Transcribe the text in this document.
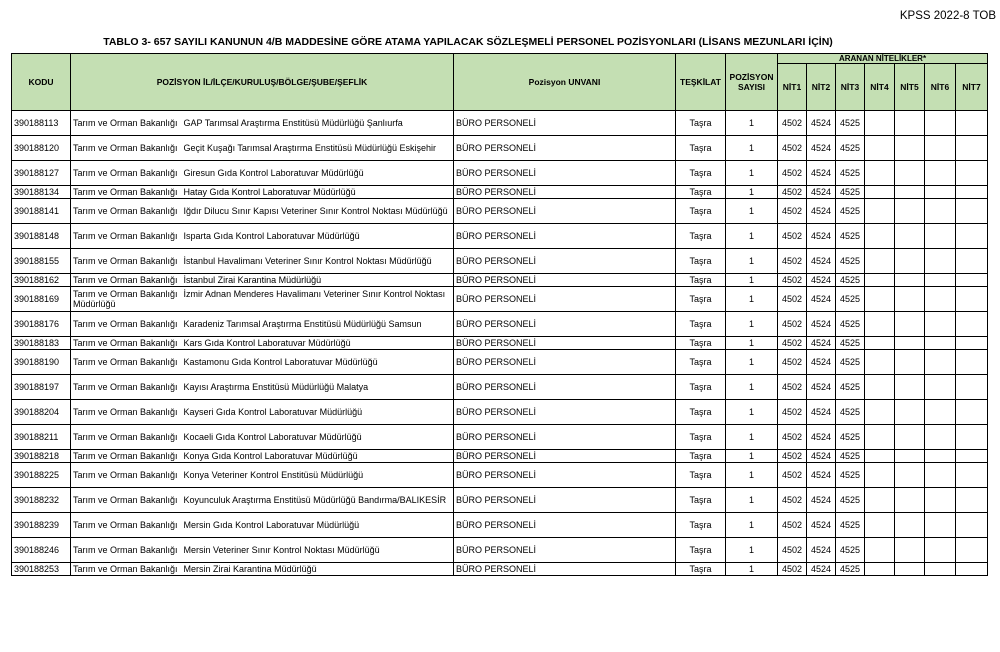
KPSS 2022-8 TOB
TABLO 3- 657 SAYILI KANUNUN 4/B MADDESİNE GÖRE ATAMA YAPILACAK SÖZLEŞMELİ PERSONEL POZİSYONLARI (LİSANS MEZUNLARI İÇİN)
KODU	POZİSYON İL/İLÇE/KURULUŞ/BÖLGE/ŞUBE/ŞEFLİK	Pozisyon UNVANI	TEŞKİLAT	POZİSYON SAYISI	ARANAN NİTELİKLER*						
					NİT1	NİT2	NİT3	NİT4	NİT5	NİT6	NİT7
390188113	Tarım ve Orman Bakanlığı GAP Tarımsal Araştırma Enstitüsü Müdürlüğü Şanlıurfa	BÜRO PERSONELİ	Taşra	1	4502	4524	4525				
390188120	Tarım ve Orman Bakanlığı Geçit Kuşağı Tarımsal Araştırma Enstitüsü Müdürlüğü Eskişehir	BÜRO PERSONELİ	Taşra	1	4502	4524	4525				
390188127	Tarım ve Orman Bakanlığı Giresun Gıda Kontrol Laboratuvar Müdürlüğü	BÜRO PERSONELİ	Taşra	1	4502	4524	4525				
390188134	Tarım ve Orman Bakanlığı Hatay Gıda Kontrol Laboratuvar Müdürlüğü	BÜRO PERSONELİ	Taşra	1	4502	4524	4525				
390188141	Tarım ve Orman Bakanlığı Iğdır Dilucu Sınır Kapısı Veteriner Sınır Kontrol Noktası Müdürlüğü	BÜRO PERSONELİ	Taşra	1	4502	4524	4525				
390188148	Tarım ve Orman Bakanlığı Isparta Gıda Kontrol Laboratuvar Müdürlüğü	BÜRO PERSONELİ	Taşra	1	4502	4524	4525				
390188155	Tarım ve Orman Bakanlığı İstanbul Havalimanı Veteriner Sınır Kontrol Noktası Müdürlüğü	BÜRO PERSONELİ	Taşra	1	4502	4524	4525				
390188162	Tarım ve Orman Bakanlığı İstanbul Zirai Karantina Müdürlüğü	BÜRO PERSONELİ	Taşra	1	4502	4524	4525				
390188169	Tarım ve Orman Bakanlığı İzmir Adnan Menderes Havalimanı Veteriner Sınır Kontrol Noktası Müdürlüğü	BÜRO PERSONELİ	Taşra	1	4502	4524	4525				
390188176	Tarım ve Orman Bakanlığı Karadeniz Tarımsal Araştırma Enstitüsü Müdürlüğü Samsun	BÜRO PERSONELİ	Taşra	1	4502	4524	4525				
390188183	Tarım ve Orman Bakanlığı Kars Gıda Kontrol Laboratuvar Müdürlüğü	BÜRO PERSONELİ	Taşra	1	4502	4524	4525				
390188190	Tarım ve Orman Bakanlığı Kastamonu Gıda Kontrol Laboratuvar Müdürlüğü	BÜRO PERSONELİ	Taşra	1	4502	4524	4525				
390188197	Tarım ve Orman Bakanlığı Kayısı Araştırma Enstitüsü Müdürlüğü Malatya	BÜRO PERSONELİ	Taşra	1	4502	4524	4525				
390188204	Tarım ve Orman Bakanlığı Kayseri Gıda Kontrol Laboratuvar Müdürlüğü	BÜRO PERSONELİ	Taşra	1	4502	4524	4525				
390188211	Tarım ve Orman Bakanlığı Kocaeli Gıda Kontrol Laboratuvar Müdürlüğü	BÜRO PERSONELİ	Taşra	1	4502	4524	4525				
390188218	Tarım ve Orman Bakanlığı Konya Gıda Kontrol Laboratuvar Müdürlüğü	BÜRO PERSONELİ	Taşra	1	4502	4524	4525				
390188225	Tarım ve Orman Bakanlığı Konya Veteriner Kontrol Enstitüsü Müdürlüğü	BÜRO PERSONELİ	Taşra	1	4502	4524	4525				
390188232	Tarım ve Orman Bakanlığı Koyunculuk Araştırma Enstitüsü Müdürlüğü Bandırma/BALIKESİR	BÜRO PERSONELİ	Taşra	1	4502	4524	4525				
390188239	Tarım ve Orman Bakanlığı Mersin Gıda Kontrol Laboratuvar Müdürlüğü	BÜRO PERSONELİ	Taşra	1	4502	4524	4525				
390188246	Tarım ve Orman Bakanlığı Mersin Veteriner Sınır Kontrol Noktası Müdürlüğü	BÜRO PERSONELİ	Taşra	1	4502	4524	4525				
390188253	Tarım ve Orman Bakanlığı Mersin Zirai Karantina Müdürlüğü	BÜRO PERSONELİ	Taşra	1	4502	4524	4525				
